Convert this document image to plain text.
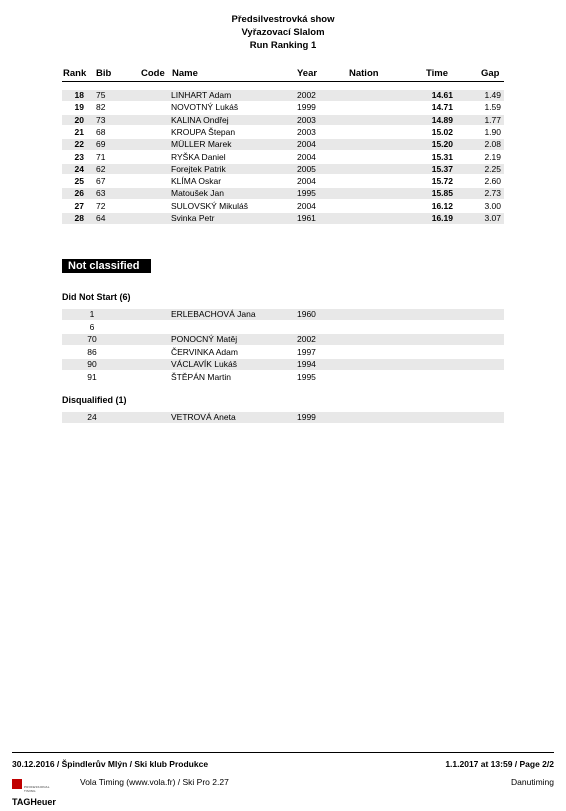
Předsilvestrovká show
Vyřazovací Slalom
Run Ranking 1
Rank Bib	Code Name	Year	Nation	Time	Gap
18 75	LINHART Adam	2002	14.61	1.49
19 82	NOVOTNÝ Lukáš	1999	14.71	1.59
20 73	KALINA Ondřej	2003	14.89	1.77
21 68	KROUPA Štepan	2003	15.02	1.90
22 69	MÜLLER Marek	2004	15.20	2.08
23 71	RYŠKA Daniel	2004	15.31	2.19
24 62	Forejtek Patrik	2005	15.37	2.25
25 67	KLÍMA Oskar	2004	15.72	2.60
26 63	Matoušek Jan	1995	15.85	2.73
27 72	SULOVSKÝ Mikuláš	2004	16.12	3.00
28 64	Svinka Petr	1961	16.19	3.07
Not classified
Did Not Start (6)
1	ERLEBACHOVÁ Jana	1960
6
70	PONOCNÝ Matěj	2002
86	ČERVINKA Adam	1997
90	VÁCLAVÍK Lukáš	1994
91	ŠTĚPÁN Martin	1995
Disqualified (1)
24	VETROVÁ Aneta	1999
30.12.2016 / Špindlerův Mlýn / Ski klub Produkce	1.1.2017 at 13:59 / Page 2/2
TAGHeuer
PROFESSIONAL TIMING
Vola Timing (www.vola.fr) / Ski Pro 2.27	Danutiming
